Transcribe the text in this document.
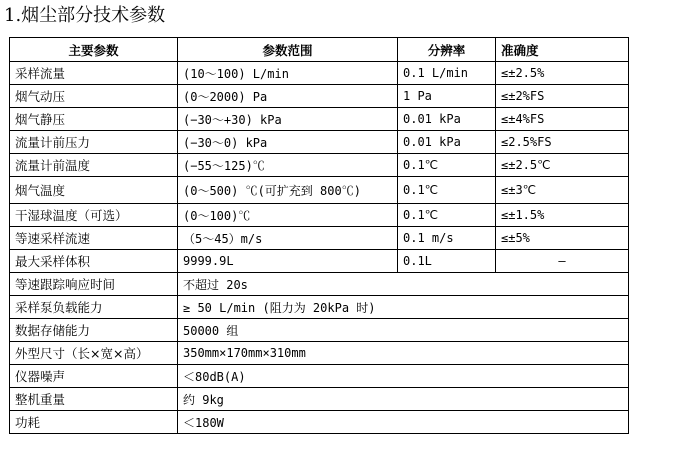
1.烟尘部分技术参数
主要参数	参数范围	分辨率	准确度
采样流量	(10～100) L/min	0.1 L/min	≤±2.5%
烟气动压	(0～2000) Pa	1 Pa	≤±2%FS
烟气静压	(−30～+30) kPa	0.01 kPa	≤±4%FS
流量计前压力	(−30～0) kPa	0.01 kPa	≤2.5%FS
流量计前温度	(−55～125)℃	0.1℃	≤±2.5℃
烟气温度	(0～500) ℃(可扩充到 800℃)	0.1℃	≤±3℃
干湿球温度（可选）	(0～100)℃	0.1℃	≤±1.5%
等速采样流速	（5～45）m/s	0.1 m/s	≤±5%
最大采样体积	9999.9L	0.1L	—
等速跟踪响应时间	不超过 20s		
采样泵负载能力	≥ 50 L/min (阻力为 20kPa 时)		
数据存储能力	50000 组		
外型尺寸（长×宽×高）	350mm×170mm×310mm		
仪器噪声	＜80dB(A)		
整机重量	约 9kg		
功耗	＜180W		
